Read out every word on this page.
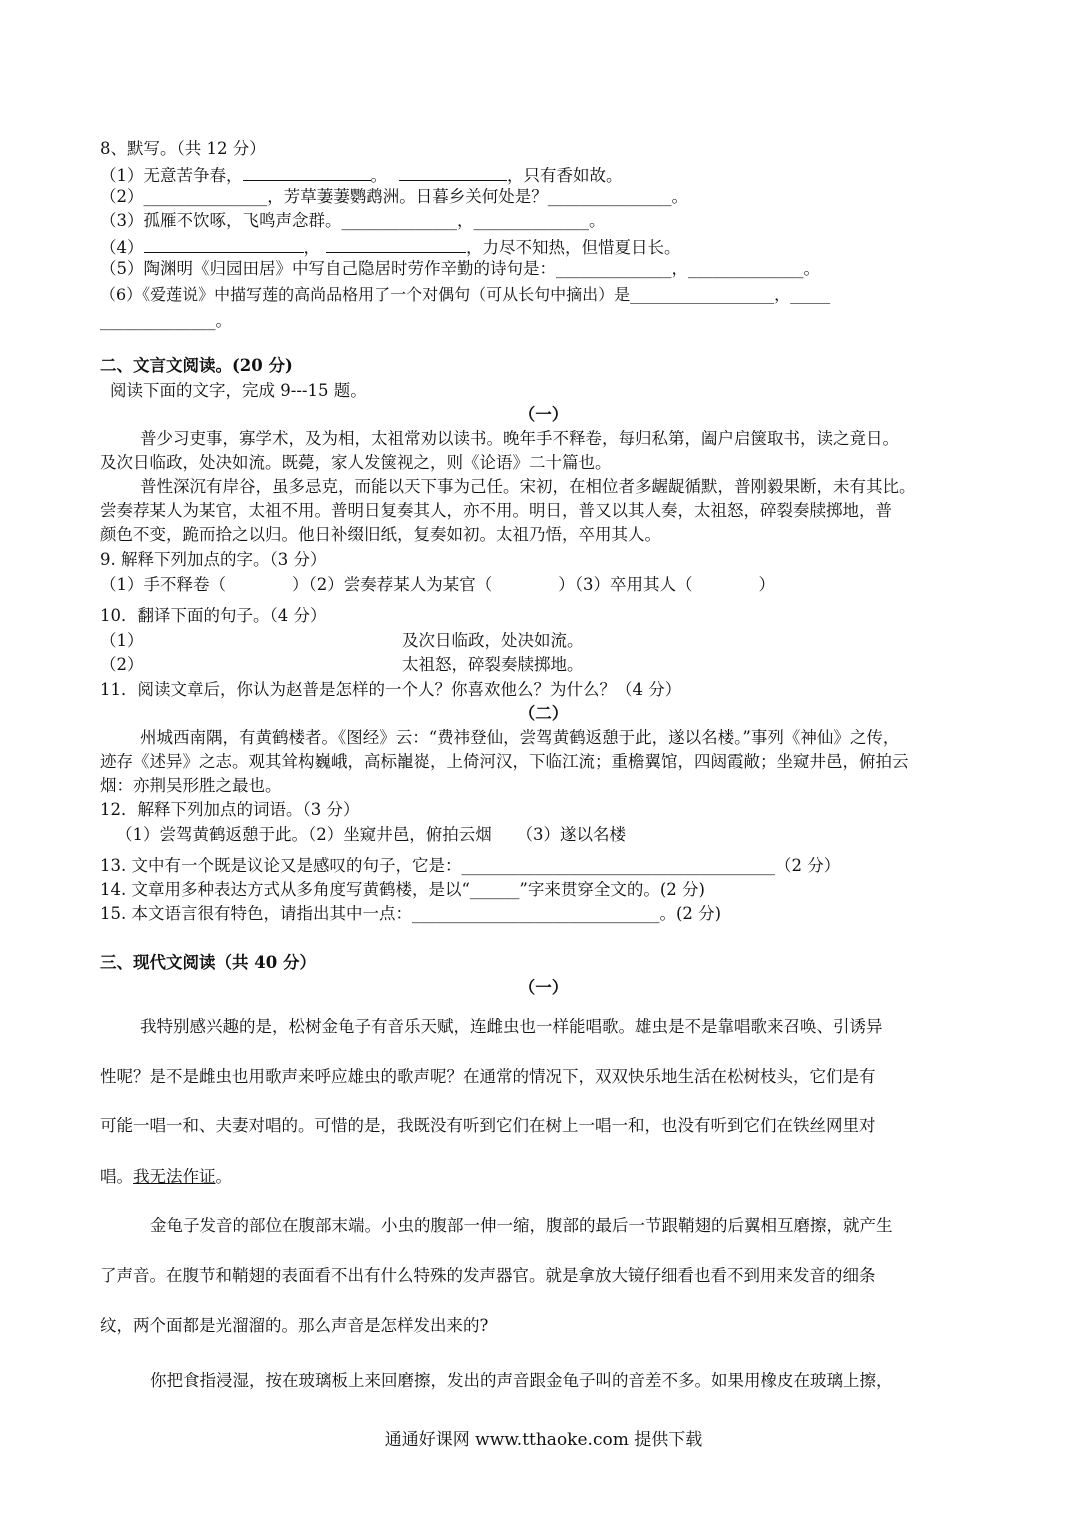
8、默写。（共 12 分）
（1）无意苦争春，	。	，只有香如故。
（2）_______________，芳草萋萋鹦鹉洲。日暮乡关何处是？_______________。
（3）孤雁不饮啄，飞鸣声念群。______________，______________。
（4）	，	，力尽不知热，但惜夏日长。
（5）陶渊明《归园田居》中写自己隐居时劳作辛勤的诗句是：______________，______________。
（6）《爱莲说》中描写莲的高尚品格用了一个对偶句（可从长句中摘出）是__________________，_____
______________。
二、文言文阅读。(20 分)
阅读下面的文字，完成 9---15 题。
（一）
普少习吏事，寡学术，及为相，太祖常劝以读书。晚年手不释卷，每归私第，阖户启箧取书，读之竟日。
及次日临政，处决如流。既薨，家人发箧视之，则《论语》二十篇也。
普性深沉有岸谷，虽多忌克，而能以天下事为己任。宋初，在相位者多龌龊循默，普刚毅果断，未有其比。
尝奏荐某人为某官，太祖不用。普明日复奏其人，亦不用。明日，普又以其人奏，太祖怒，碎裂奏牍掷地，普
颜色不变，跪而拾之以归。他日补缀旧纸，复奏如初。太祖乃悟，卒用其人。
9. 解释下列加点的字。（3 分）
（1）手不释卷（　　　　）（2）尝奏荐某人为某官（　　　　）（3）卒用其人（　　　　）
10．翻译下面的句子。（4 分）
（1）	及次日临政，处决如流。
（2）	太祖怒，碎裂奏牍掷地。
11．阅读文章后，你认为赵普是怎样的一个人？你喜欢他么？为什么？（4 分）
（二）
州城西南隅，有黄鹤楼者。《图经》云：“费祎登仙，尝驾黄鹤返憩于此，遂以名楼。”事列《神仙》之传，
迹存《述异》之志。观其耸构巍峨，高标巃嵸，上倚河汉，下临江流；重檐翼馆，四闼霞敞；坐窥井邑，俯拍云
烟：亦荆吴形胜之最也。
12．解释下列加点的词语。（3 分）
（1）尝驾黄鹤返憩于此。（2）坐窥井邑，俯拍云烟　　（3）遂以名楼
13. 文中有一个既是议论又是感叹的句子，它是：______________________________________（2 分）
14. 文章用多种表达方式从多角度写黄鹤楼，是以“______”字来贯穿全文的。(2 分)
15. 本文语言很有特色，请指出其中一点：______________________________。(2 分)
三、现代文阅读（共 40 分）
（一）
我特别感兴趣的是，松树金龟子有音乐天赋，连雌虫也一样能唱歌。雄虫是不是靠唱歌来召唤、引诱异
性呢？是不是雌虫也用歌声来呼应雄虫的歌声呢？在通常的情况下，双双快乐地生活在松树枝头，它们是有
可能一唱一和、夫妻对唱的。可惜的是，我既没有听到它们在树上一唱一和，也没有听到它们在铁丝网里对
唱。我无法作证。
金龟子发音的部位在腹部末端。小虫的腹部一伸一缩，腹部的最后一节跟鞘翅的后翼相互磨擦，就产生
了声音。在腹节和鞘翅的表面看不出有什么特殊的发声器官。就是拿放大镜仔细看也看不到用来发音的细条
纹，两个面都是光溜溜的。那么声音是怎样发出来的?
你把食指浸湿，按在玻璃板上来回磨擦，发出的声音跟金龟子叫的音差不多。如果用橡皮在玻璃上擦，
通通好课网 www.tthaoke.com 提供下载
